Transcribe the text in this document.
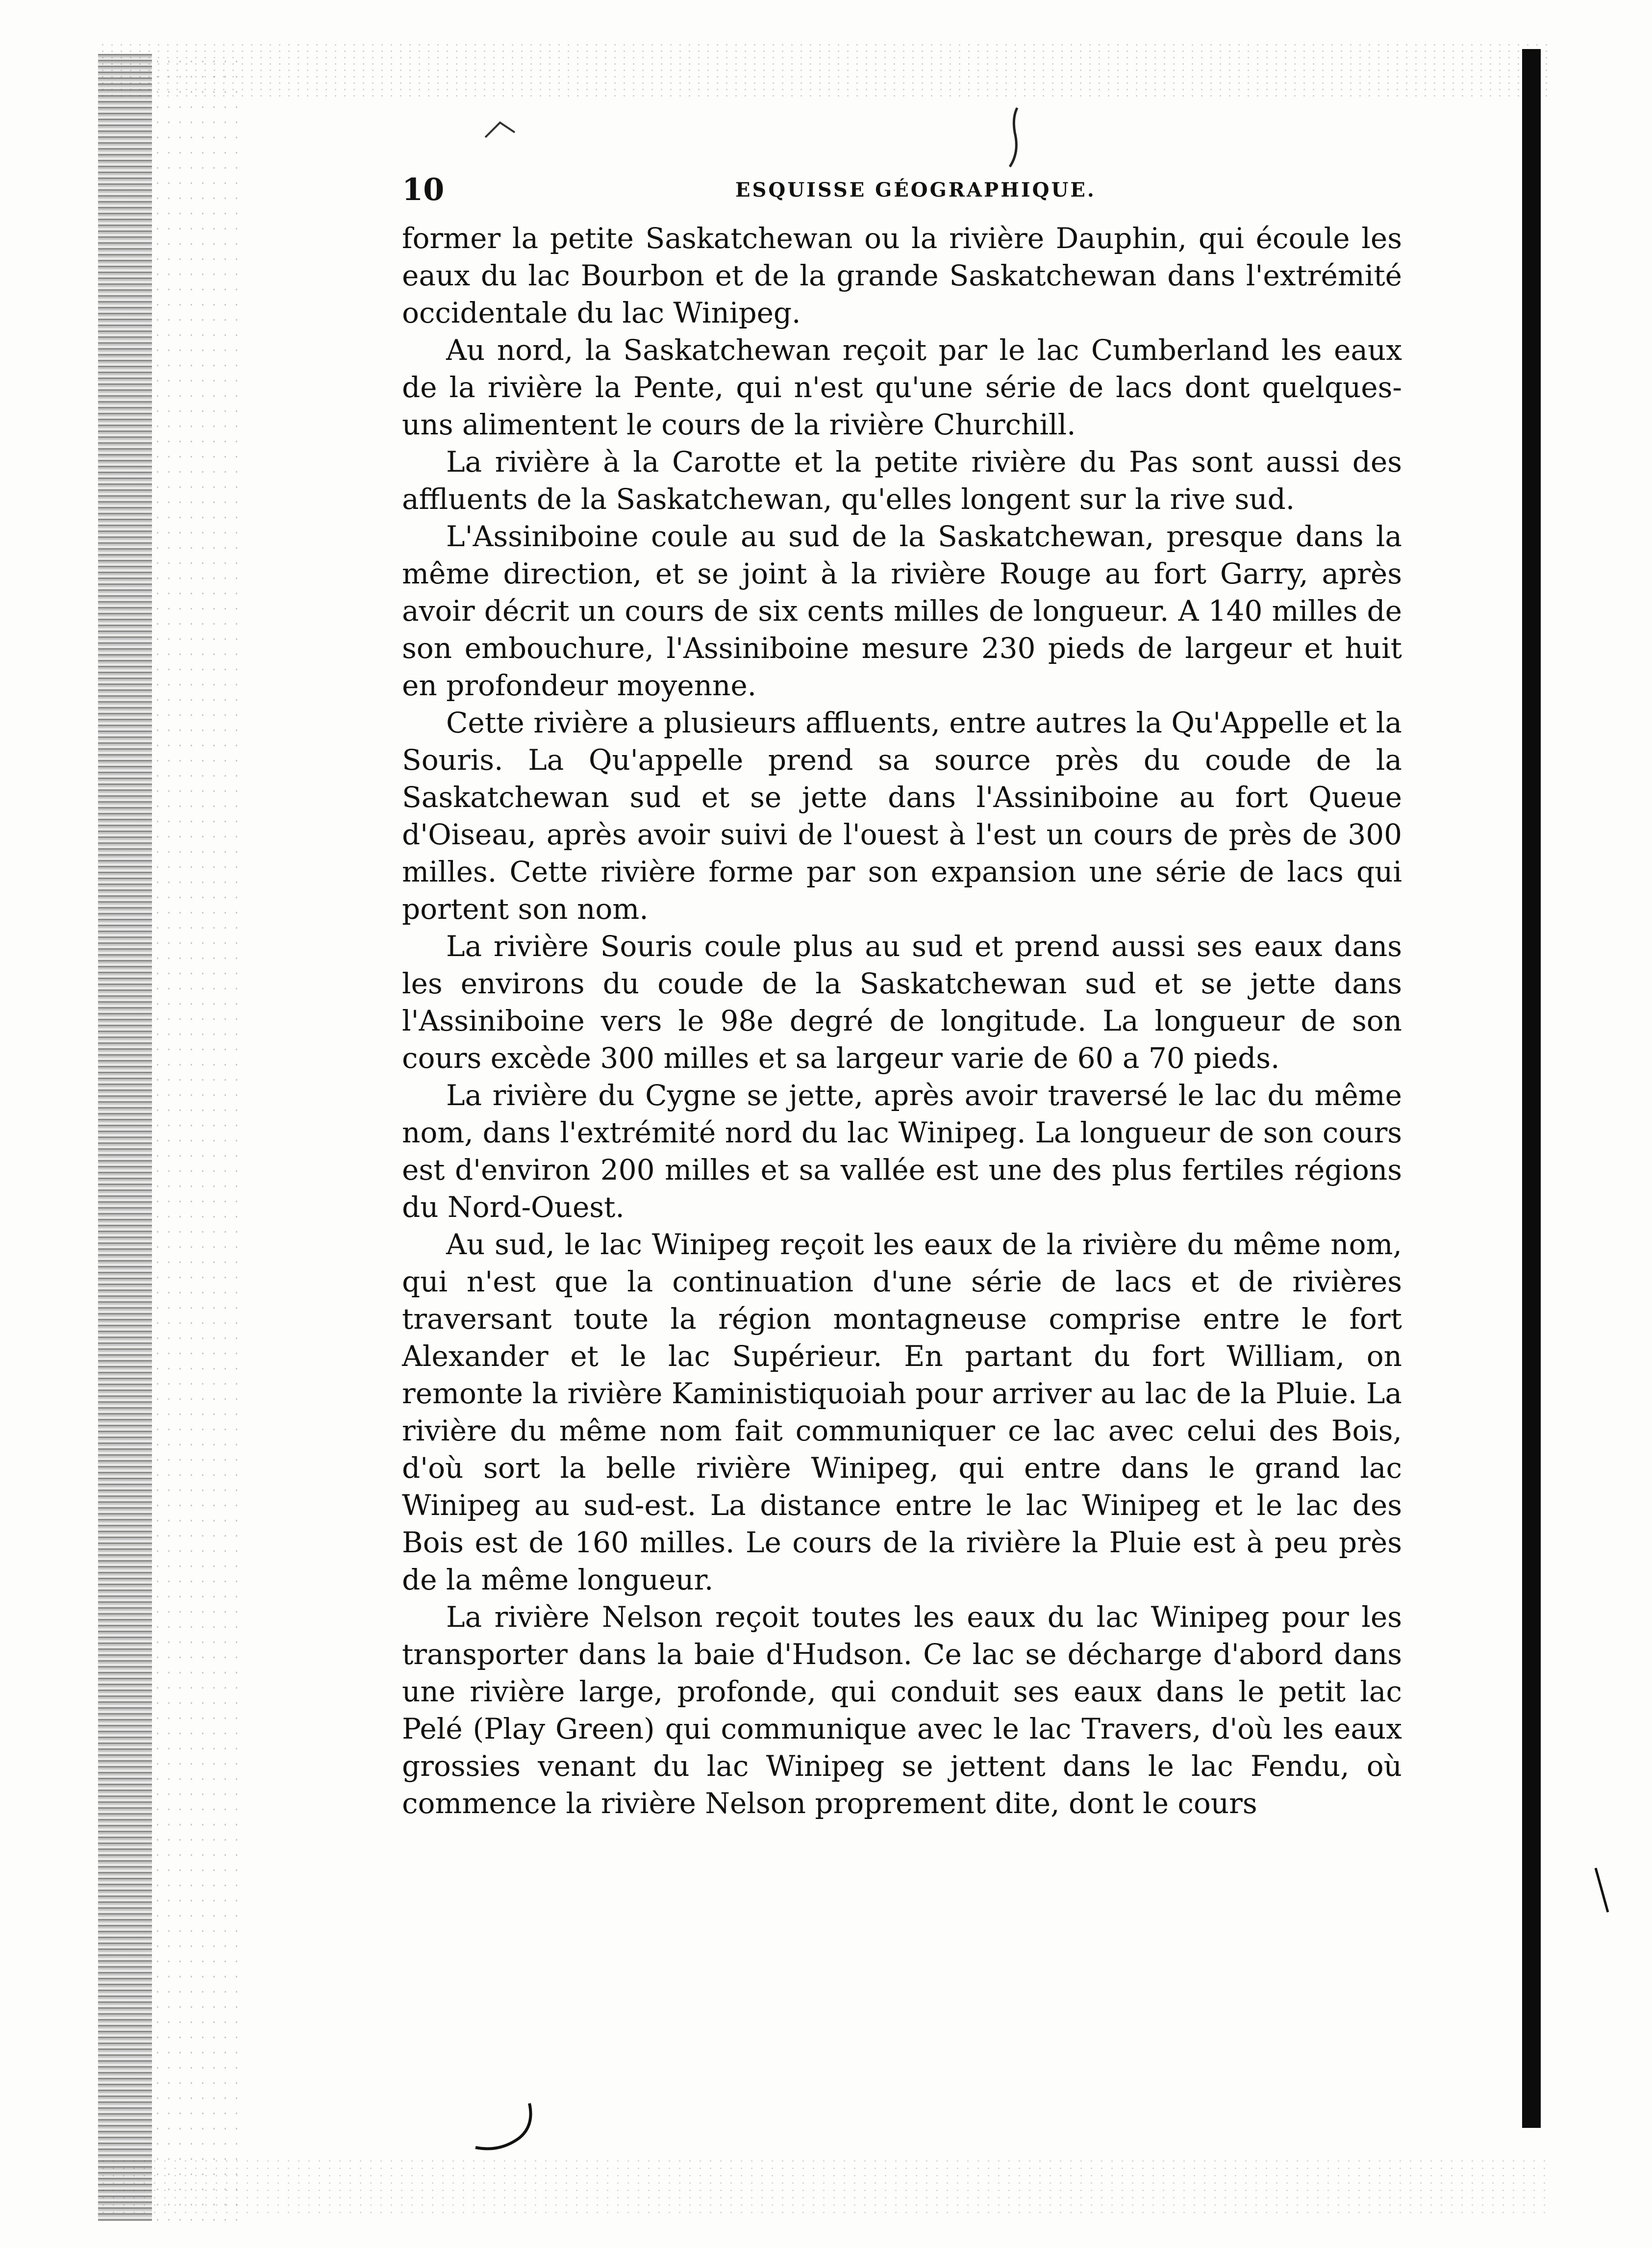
10	ESQUISSE GÉOGRAPHIQUE.

former la petite Saskatchewan ou la rivière Dauphin, qui écoule les eaux du lac Bourbon et de la grande Saskatchewan dans l'extrémité occidentale du lac Winipeg.

Au nord, la Saskatchewan reçoit par le lac Cumberland les eaux de la rivière la Pente, qui n'est qu'une série de lacs dont quelques-uns alimentent le cours de la rivière Churchill.

La rivière à la Carotte et la petite rivière du Pas sont aussi des affluents de la Saskatchewan, qu'elles longent sur la rive sud.

L'Assiniboine coule au sud de la Saskatchewan, presque dans la même direction, et se joint à la rivière Rouge au fort Garry, après avoir décrit un cours de six cents milles de longueur. A 140 milles de son embouchure, l'Assiniboine mesure 230 pieds de largeur et huit en profondeur moyenne.

Cette rivière a plusieurs affluents, entre autres la Qu'Appelle et la Souris. La Qu'appelle prend sa source près du coude de la Saskatchewan sud et se jette dans l'Assiniboine au fort Queue d'Oiseau, après avoir suivi de l'ouest à l'est un cours de près de 300 milles. Cette rivière forme par son expansion une série de lacs qui portent son nom.

La rivière Souris coule plus au sud et prend aussi ses eaux dans les environs du coude de la Saskatchewan sud et se jette dans l'Assiniboine vers le 98e degré de longitude. La longueur de son cours excède 300 milles et sa largeur varie de 60 a 70 pieds.

La rivière du Cygne se jette, après avoir traversé le lac du même nom, dans l'extrémité nord du lac Winipeg. La longueur de son cours est d'environ 200 milles et sa vallée est une des plus fertiles régions du Nord-Ouest.

Au sud, le lac Winipeg reçoit les eaux de la rivière du même nom, qui n'est que la continuation d'une série de lacs et de rivières traversant toute la région montagneuse comprise entre le fort Alexander et le lac Supérieur. En partant du fort William, on remonte la rivière Kaministiquoiah pour arriver au lac de la Pluie. La rivière du même nom fait communiquer ce lac avec celui des Bois, d'où sort la belle rivière Winipeg, qui entre dans le grand lac Winipeg au sud-est. La distance entre le lac Winipeg et le lac des Bois est de 160 milles. Le cours de la rivière la Pluie est à peu près de la même longueur.

La rivière Nelson reçoit toutes les eaux du lac Winipeg pour les transporter dans la baie d'Hudson. Ce lac se décharge d'abord dans une rivière large, profonde, qui conduit ses eaux dans le petit lac Pelé (Play Green) qui communique avec le lac Travers, d'où les eaux grossies venant du lac Winipeg se jettent dans le lac Fendu, où commence la rivière Nelson proprement dite, dont le cours
